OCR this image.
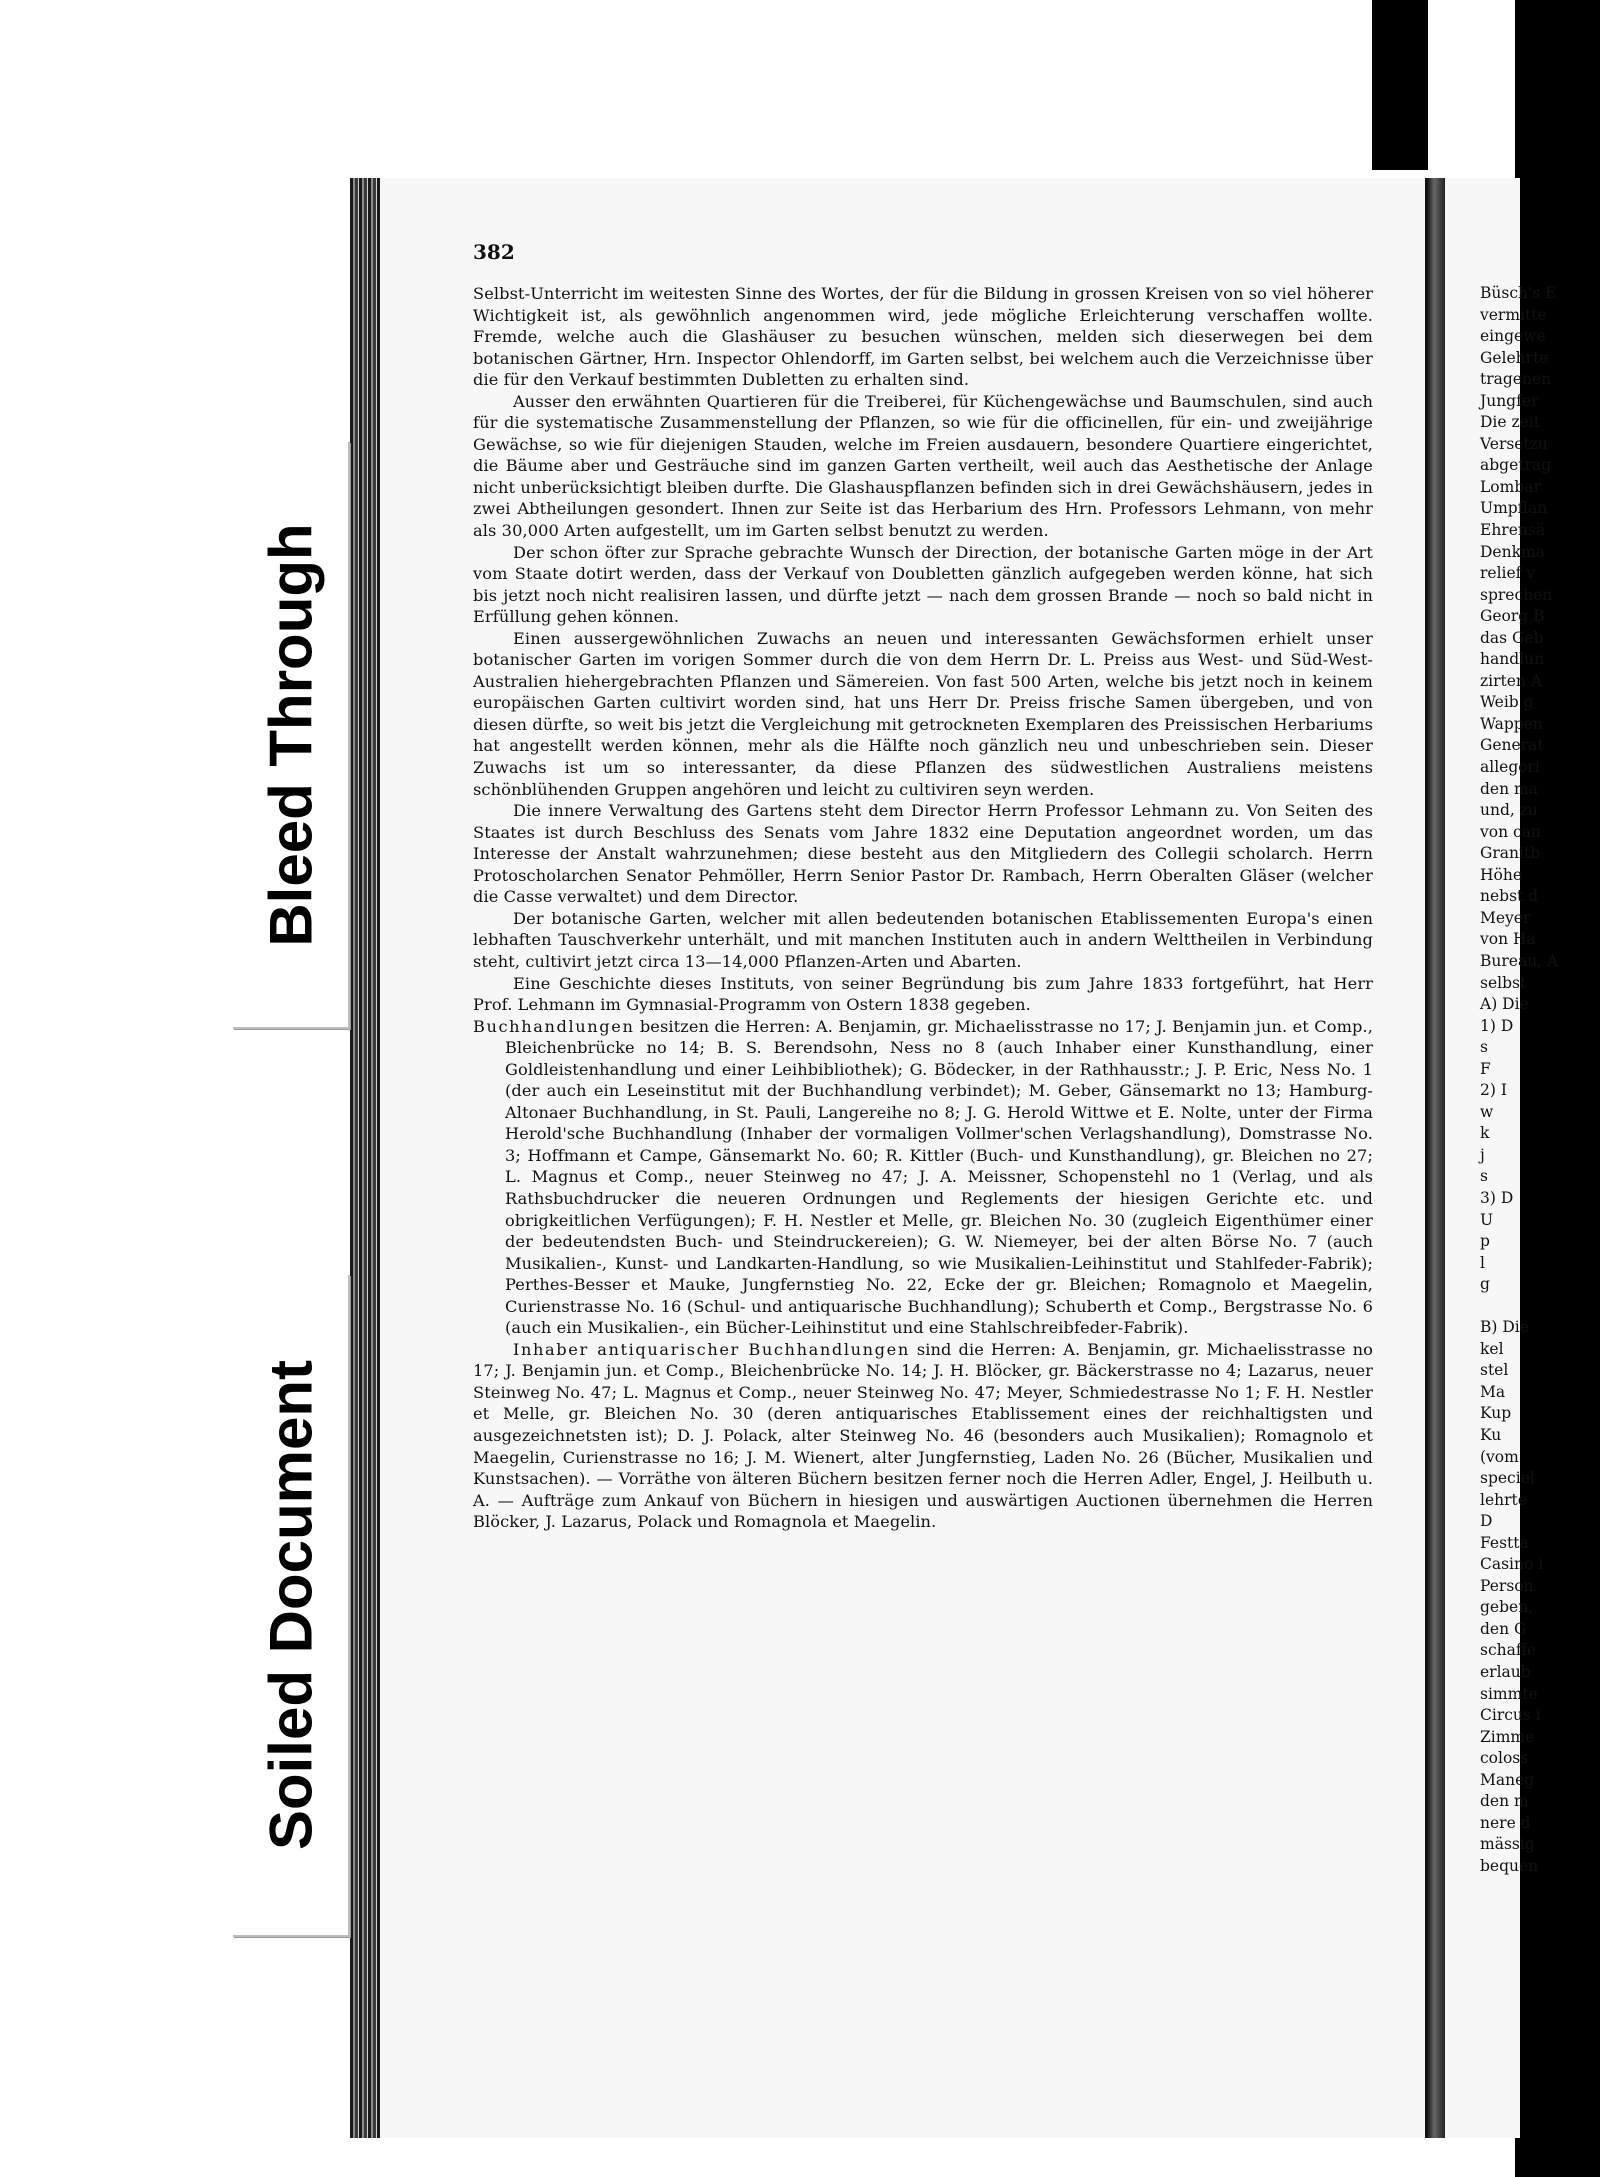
Bleed Through
Soiled Document
382

Selbst-Unterricht im weitesten Sinne des Wortes, der für die Bildung in grossen Kreisen von so viel höherer Wichtigkeit ist, als gewöhnlich angenommen wird, jede mögliche Erleichterung verschaffen wollte. Fremde, welche auch die Glashäuser zu besuchen wünschen, melden sich dieserwegen bei dem botanischen Gärtner, Hrn. Inspector Ohlendorff, im Garten selbst, bei welchem auch die Verzeichnisse über die für den Verkauf bestimmten Dubletten zu erhalten sind.

Ausser den erwähnten Quartieren für die Treiberei, für Küchengewächse und Baumschulen, sind auch für die systematische Zusammenstellung der Pflanzen, so wie für die officinellen, für ein- und zweijährige Gewächse, so wie für diejenigen Stauden, welche im Freien ausdauern, besondere Quartiere eingerichtet, die Bäume aber und Gesträuche sind im ganzen Garten vertheilt, weil auch das Aesthetische der Anlage nicht unberücksichtigt bleiben durfte. Die Glashauspflanzen befinden sich in drei Gewächshäusern, jedes in zwei Abtheilungen gesondert. Ihnen zur Seite ist das Herbarium des Hrn. Professors Lehmann, von mehr als 30,000 Arten aufgestellt, um im Garten selbst benutzt zu werden.

Der schon öfter zur Sprache gebrachte Wunsch der Direction, der botanische Garten möge in der Art vom Staate dotirt werden, dass der Verkauf von Doubletten gänzlich aufgegeben werden könne, hat sich bis jetzt noch nicht realisiren lassen, und dürfte jetzt — nach dem grossen Brande — noch so bald nicht in Erfüllung gehen können.

Einen aussergewöhnlichen Zuwachs an neuen und interessanten Gewächsformen erhielt unser botanischer Garten im vorigen Sommer durch die von dem Herrn Dr. L. Preiss aus West- und Süd-West-Australien hiehergebrachten Pflanzen und Sämereien. Von fast 500 Arten, welche bis jetzt noch in keinem europäischen Garten cultivirt worden sind, hat uns Herr Dr. Preiss frische Samen übergeben, und von diesen dürfte, so weit bis jetzt die Vergleichung mit getrockneten Exemplaren des Preissischen Herbariums hat angestellt werden können, mehr als die Hälfte noch gänzlich neu und unbeschrieben sein. Dieser Zuwachs ist um so interessanter, da diese Pflanzen des südwestlichen Australiens meistens schönblühenden Gruppen angehören und leicht zu cultiviren seyn werden.

Die innere Verwaltung des Gartens steht dem Director Herrn Professor Lehmann zu. Von Seiten des Staates ist durch Beschluss des Senats vom Jahre 1832 eine Deputation angeordnet worden, um das Interesse der Anstalt wahrzunehmen; diese besteht aus den Mitgliedern des Collegii scholarch. Herrn Protoscholarchen Senator Pehmöller, Herrn Senior Pastor Dr. Rambach, Herrn Oberalten Gläser (welcher die Casse verwaltet) und dem Director.

Der botanische Garten, welcher mit allen bedeutenden botanischen Etablissementen Europa's einen lebhaften Tauschverkehr unterhält, und mit manchen Instituten auch in andern Welttheilen in Verbindung steht, cultivirt jetzt circa 13—14,000 Pflanzen-Arten und Abarten.

Eine Geschichte dieses Instituts, von seiner Begründung bis zum Jahre 1833 fortgeführt, hat Herr Prof. Lehmann im Gymnasial-Programm von Ostern 1838 gegeben.

Buchhandlungen besitzen die Herren: A. Benjamin, gr. Michaelisstrasse no 17; J. Benjamin jun. et Comp., Bleichenbrücke no 14; B. S. Berendsohn, Ness no 8 (auch Inhaber einer Kunsthandlung, einer Goldleistenhandlung und einer Leihbibliothek); G. Bödecker, in der Rathhausstr.; J. P. Eric, Ness No. 1 (der auch ein Leseinstitut mit der Buchhandlung verbindet); M. Geber, Gänsemarkt no 13; Hamburg-Altonaer Buchhandlung, in St. Pauli, Langereihe no 8; J. G. Herold Wittwe et E. Nolte, unter der Firma Herold'sche Buchhandlung (Inhaber der vormaligen Vollmer'schen Verlagshandlung), Domstrasse No. 3; Hoffmann et Campe, Gänsemarkt No. 60; R. Kittler (Buch- und Kunsthandlung), gr. Bleichen no 27; L. Magnus et Comp., neuer Steinweg no 47; J. A. Meissner, Schopenstehl no 1 (Verlag, und als Rathsbuchdrucker die neueren Ordnungen und Reglements der hiesigen Gerichte etc. und obrigkeitlichen Verfügungen); F. H. Nestler et Melle, gr. Bleichen No. 30 (zugleich Eigenthümer einer der bedeutendsten Buch- und Steindruckereien); G. W. Niemeyer, bei der alten Börse No. 7 (auch Musikalien-, Kunst- und Landkarten-Handlung, so wie Musikalien-Leihinstitut und Stahlfeder-Fabrik); Perthes-Besser et Mauke, Jungfernstieg No. 22, Ecke der gr. Bleichen; Romagnolo et Maegelin, Curienstrasse No. 16 (Schul- und antiquarische Buchhandlung); Schuberth et Comp., Bergstrasse No. 6 (auch ein Musikalien-, ein Bücher-Leihinstitut und eine Stahlschreibfeder-Fabrik).

Inhaber antiquarischer Buchhandlungen sind die Herren: A. Benjamin, gr. Michaelisstrasse no 17; J. Benjamin jun. et Comp., Bleichenbrücke No. 14; J. H. Blöcker, gr. Bäckerstrasse no 4; Lazarus, neuer Steinweg No. 47; L. Magnus et Comp., neuer Steinweg No. 47; Meyer, Schmiedestrasse No 1; F. H. Nestler et Melle, gr. Bleichen No. 30 (deren antiquarisches Etablissement eines der reichhaltigsten und ausgezeichnetsten ist); D. J. Polack, alter Steinweg No. 46 (besonders auch Musikalien); Romagnolo et Maegelin, Curienstrasse no 16; J. M. Wienert, alter Jungfernstieg, Laden No. 26 (Bücher, Musikalien und Kunstsachen). — Vorräthe von älteren Büchern besitzen ferner noch die Herren Adler, Engel, J. Heilbuth u. A. — Aufträge zum Ankauf von Büchern in hiesigen und auswärtigen Auctionen übernehmen die Herren Blöcker, J. Lazarus, Polack und Romagnola et Maegelin.

Büsch's E
vermitte
eingewe
Gelehrte
tragenen
Jungfer
Die zeit
Versetzu
abgetrag
Lombar
Umpflan
Ehrensä
Denkma
relief v
sprechen
Georg B
das Geb
handlun
zirten A
Weib g
Wappen
Generat
allegori
den ma
und, zu
von can
Granitb
Höhe
nebst d
Meyer
von Ha
Bureau, A
selbst
A) Die
1) D
s
F
2) I
w
k
j
s
3) D
U
p
l
g
B) Die
kel
stel
Ma
Kup
Ku
(vom
speciel
lehrte
D
Festta
Casino i
Person
geben,
den G
schaffe
erlaub
simmte
Circus i
Zimme
coloss
Maneg
den m
nere d
mässig
bequen
